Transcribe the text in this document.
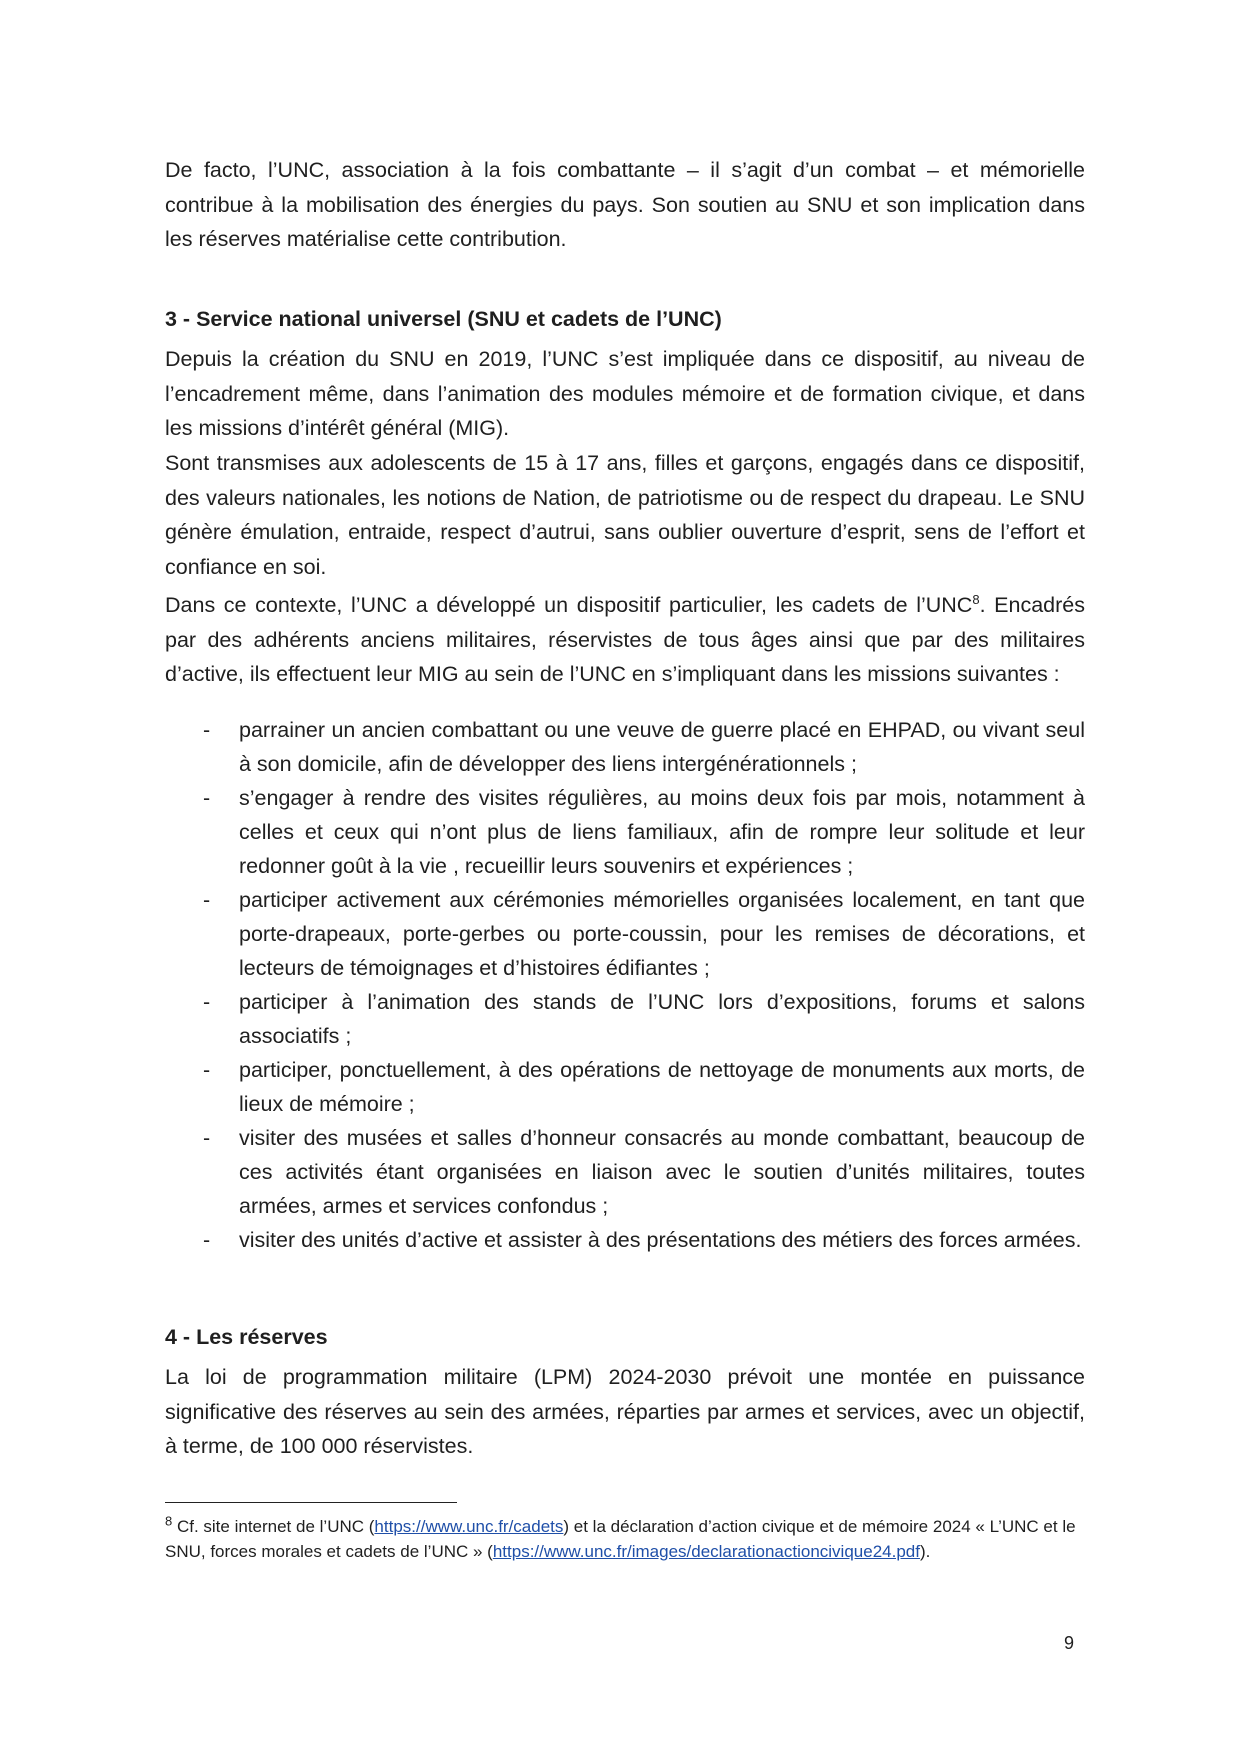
De facto, l’UNC, association à la fois combattante – il s’agit d’un combat – et mémorielle contribue à la mobilisation des énergies du pays. Son soutien au SNU et son implication dans les réserves matérialise cette contribution.

3 - Service national universel (SNU et cadets de l’UNC)

Depuis la création du SNU en 2019, l’UNC s’est impliquée dans ce dispositif, au niveau de l’encadrement même, dans l’animation des modules mémoire et de formation civique, et dans les missions d’intérêt général (MIG).

Sont transmises aux adolescents de 15 à 17 ans, filles et garçons, engagés dans ce dispositif, des valeurs nationales, les notions de Nation, de patriotisme ou de respect du drapeau. Le SNU génère émulation, entraide, respect d’autrui, sans oublier ouverture d’esprit, sens de l’effort et confiance en soi.

Dans ce contexte, l’UNC a développé un dispositif particulier, les cadets de l’UNC$^8$. Encadrés par des adhérents anciens militaires, réservistes de tous âges ainsi que par des militaires d’active, ils effectuent leur MIG au sein de l’UNC en s’impliquant dans les missions suivantes :

- parrainer un ancien combattant ou une veuve de guerre placé en EHPAD, ou vivant seul à son domicile, afin de développer des liens intergénérationnels ;
- s’engager à rendre des visites régulières, au moins deux fois par mois, notamment à celles et ceux qui n’ont plus de liens familiaux, afin de rompre leur solitude et leur redonner goût à la vie , recueillir leurs souvenirs et expériences ;
- participer activement aux cérémonies mémorielles organisées localement, en tant que porte-drapeaux, porte-gerbes ou porte-coussin, pour les remises de décorations, et lecteurs de témoignages et d’histoires édifiantes ;
- participer à l’animation des stands de l’UNC lors d’expositions, forums et salons associatifs ;
- participer, ponctuellement, à des opérations de nettoyage de monuments aux morts, de lieux de mémoire ;
- visiter des musées et salles d’honneur consacrés au monde combattant, beaucoup de ces activités étant organisées en liaison avec le soutien d’unités militaires, toutes armées, armes et services confondus ;
- visiter des unités d’active et assister à des présentations des métiers des forces armées.
4 - Les réserves

La loi de programmation militaire (LPM) 2024-2030 prévoit une montée en puissance significative des réserves au sein des armées, réparties par armes et services, avec un objectif, à terme, de 100 000 réservistes.

$^8$ Cf. site internet de l’UNC (https://www.unc.fr/cadets) et la déclaration d’action civique et de mémoire 2024 « L’UNC et le SNU, forces morales et cadets de l’UNC » (https://www.unc.fr/images/declarationactioncivique24.pdf).

9
